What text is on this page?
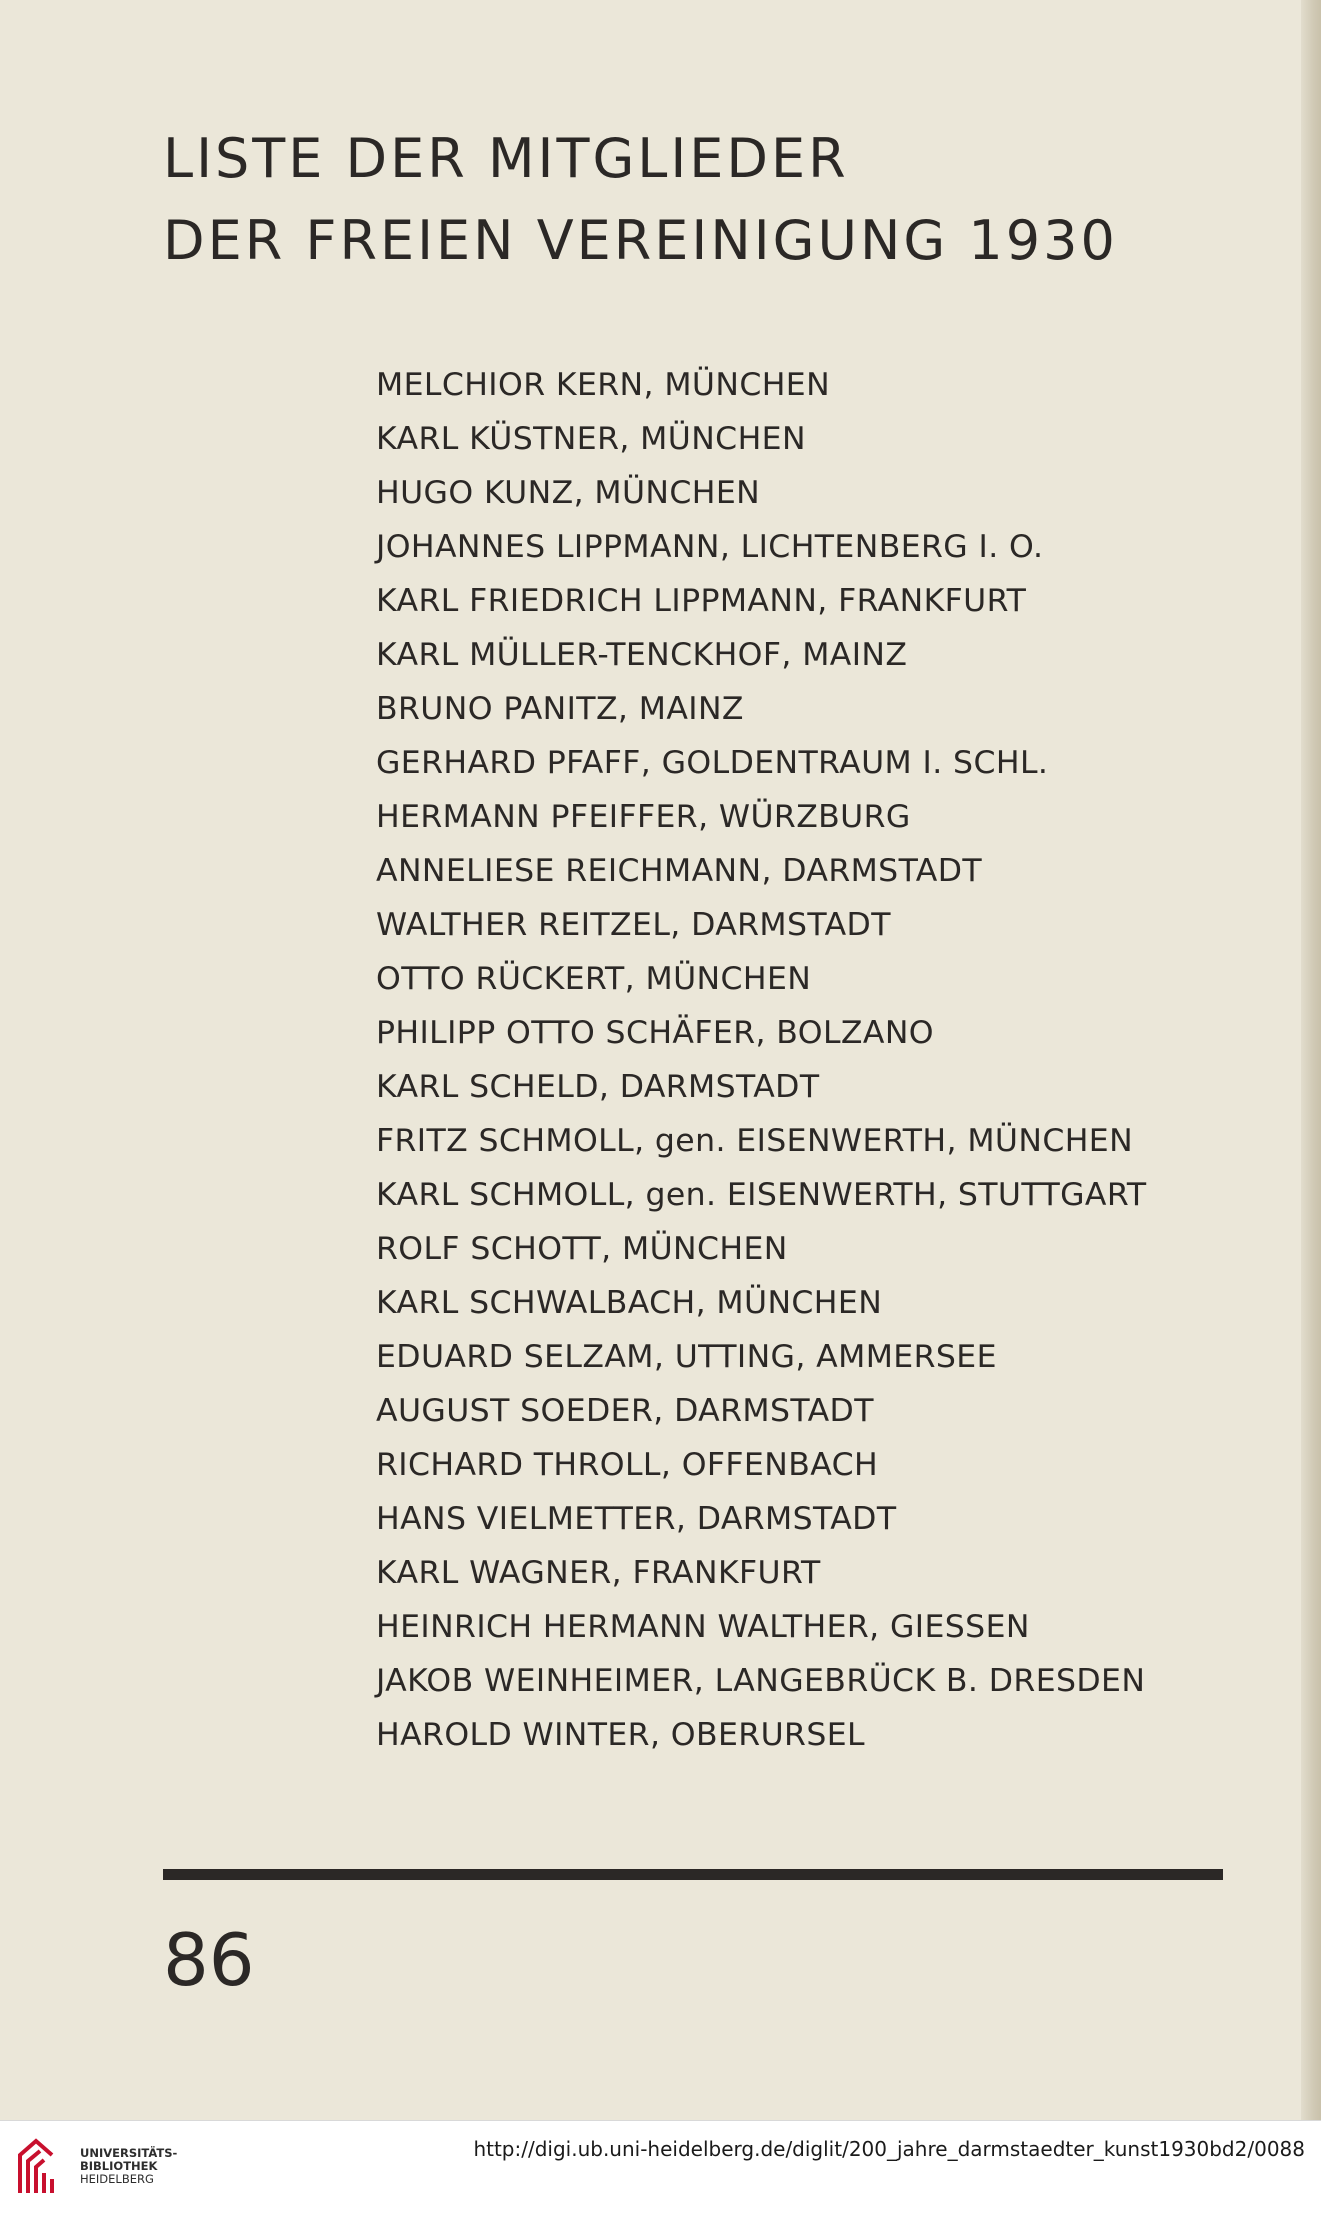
LISTE DER MITGLIEDER
DER FREIEN VEREINIGUNG 1930
MELCHIOR KERN, MÜNCHEN
KARL KÜSTNER, MÜNCHEN
HUGO KUNZ, MÜNCHEN
JOHANNES LIPPMANN, LICHTENBERG I. O.
KARL FRIEDRICH LIPPMANN, FRANKFURT
KARL MÜLLER-TENCKHOF, MAINZ
BRUNO PANITZ, MAINZ
GERHARD PFAFF, GOLDENTRAUM I. SCHL.
HERMANN PFEIFFER, WÜRZBURG
ANNELIESE REICHMANN, DARMSTADT
WALTHER REITZEL, DARMSTADT
OTTO RÜCKERT, MÜNCHEN
PHILIPP OTTO SCHÄFER, BOLZANO
KARL SCHELD, DARMSTADT
FRITZ SCHMOLL, gen. EISENWERTH, MÜNCHEN
KARL SCHMOLL, gen. EISENWERTH, STUTTGART
ROLF SCHOTT, MÜNCHEN
KARL SCHWALBACH, MÜNCHEN
EDUARD SELZAM, UTTING, AMMERSEE
AUGUST SOEDER, DARMSTADT
RICHARD THROLL, OFFENBACH
HANS VIELMETTER, DARMSTADT
KARL WAGNER, FRANKFURT
HEINRICH HERMANN WALTHER, GIESSEN
JAKOB WEINHEIMER, LANGEBRÜCK B. DRESDEN
HAROLD WINTER, OBERURSEL
86
UNIVERSITÄTS-
BIBLIOTHEK
HEIDELBERG
http://digi.ub.uni-heidelberg.de/diglit/200_jahre_darmstaedter_kunst1930bd2/0088
